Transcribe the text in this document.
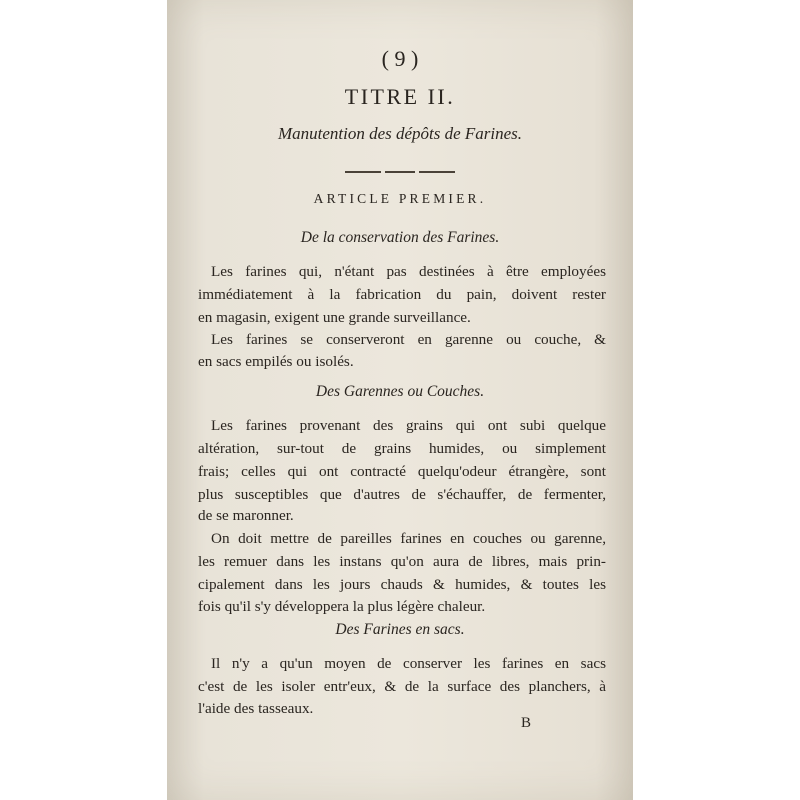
( 9 )
TITRE II.
Manutention des dépôts de Farines.
ARTICLE PREMIER.
De la conservation des Farines.
Les farines qui, n'étant pas destinées à être employées
immédiatement à la fabrication du pain, doivent rester
en magasin, exigent une grande surveillance.
Les farines se conserveront en garenne ou couche, &
en sacs empilés ou isolés.
Des Garennes ou Couches.
Les farines provenant des grains qui ont subi quelque
altération, sur-tout de grains humides, ou simplement
frais; celles qui ont contracté quelqu'odeur étrangère, sont
plus susceptibles que d'autres de s'échauffer, de fermenter,
de se maronner.
On doit mettre de pareilles farines en couches ou garenne,
les remuer dans les instans qu'on aura de libres, mais prin-
cipalement dans les jours chauds & humides, & toutes les
fois qu'il s'y développera la plus légère chaleur.
Des Farines en sacs.
Il n'y a qu'un moyen de conserver les farines en sacs
c'est de les isoler entr'eux, & de la surface des planchers, à
l'aide des tasseaux.
B
